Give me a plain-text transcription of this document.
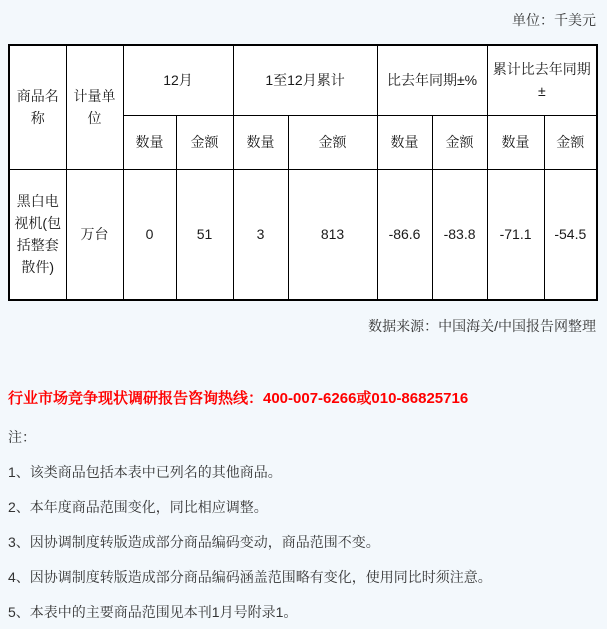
单位：千美元
商品名称	计量单位	12月		1至12月累计		比去年同期±%		累计比去年同期±	
		数量	金额	数量	金额	数量	金额	数量	金额
黑白电视机(包括整套散件)	万台	0	51	3	813	-86.6	-83.8	-71.1	-54.5
数据来源：中国海关/中国报告网整理
行业市场竞争现状调研报告咨询热线：400-007-6266或010-86825716

注：

1、该类商品包括本表中已列名的其他商品。

2、本年度商品范围变化，同比相应调整。

3、因协调制度转版造成部分商品编码变动，商品范围不变。

4、因协调制度转版造成部分商品编码涵盖范围略有变化，使用同比时须注意。

5、本表中的主要商品范围见本刊1月号附录1。
